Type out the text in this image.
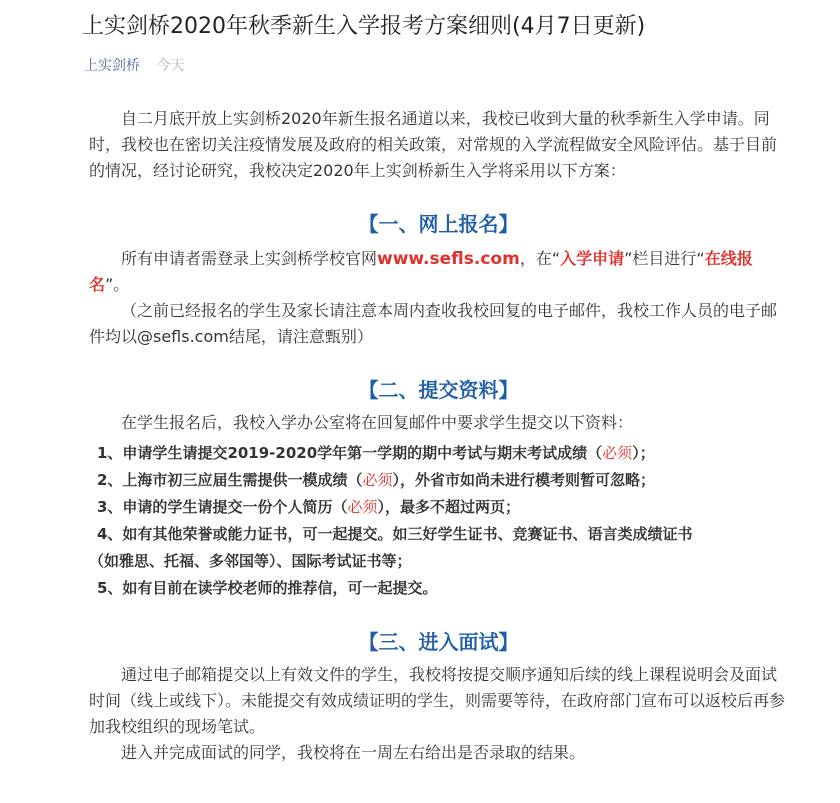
上实剑桥2020年秋季新生入学报考方案细则(4月7日更新)
上实剑桥 今天

自二月底开放上实剑桥2020年新生报名通道以来，我校已收到大量的秋季新生入学申请。同时，我校也在密切关注疫情发展及政府的相关政策，对常规的入学流程做安全风险评估。基于目前的情况，经讨论研究，我校决定2020年上实剑桥新生入学将采用以下方案：

【一、网上报名】

所有申请者需登录上实剑桥学校官网www.sefls.com，在“入学申请”栏目进行“在线报名”。

（之前已经报名的学生及家长请注意本周内查收我校回复的电子邮件，我校工作人员的电子邮件均以@sefls.com结尾，请注意甄别）

【二、提交资料】

在学生报名后，我校入学办公室将在回复邮件中要求学生提交以下资料：

1、申请学生请提交2019-2020学年第一学期的期中考试与期末考试成绩（必须）；

2、上海市初三应届生需提供一模成绩（必须），外省市如尚未进行模考则暂可忽略；

3、申请的学生请提交一份个人简历（必须），最多不超过两页；

4、如有其他荣誉或能力证书，可一起提交。如三好学生证书、竞赛证书、语言类成绩证书

（如雅思、托福、多邻国等）、国际考试证书等；

5、如有目前在读学校老师的推荐信，可一起提交。

【三、进入面试】

通过电子邮箱提交以上有效文件的学生，我校将按提交顺序通知后续的线上课程说明会及面试时间（线上或线下）。未能提交有效成绩证明的学生，则需要等待，在政府部门宣布可以返校后再参加我校组织的现场笔试。

进入并完成面试的同学，我校将在一周左右给出是否录取的结果。
